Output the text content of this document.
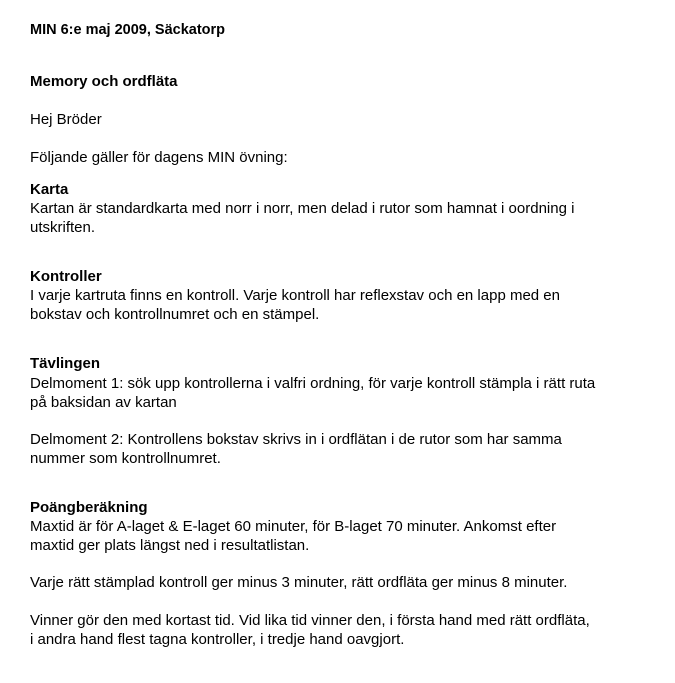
MIN 6:e maj 2009, Säckatorp
Memory och ordfläta
Hej Bröder
Följande gäller för dagens MIN övning:
Karta
Kartan är standardkarta med norr i norr, men delad i rutor som hamnat i oordning i
utskriften.
Kontroller
I varje kartruta finns en kontroll. Varje kontroll har reflexstav och en lapp med en
bokstav och kontrollnumret och en stämpel.
Tävlingen
Delmoment 1: sök upp kontrollerna i valfri ordning, för varje kontroll stämpla i rätt ruta
på baksidan av kartan
Delmoment 2: Kontrollens bokstav skrivs in i ordflätan i de rutor som har samma
nummer som kontrollnumret.
Poängberäkning
Maxtid är för A-laget & E-laget 60 minuter, för B-laget 70 minuter. Ankomst efter
maxtid ger plats längst ned i resultatlistan.
Varje rätt stämplad kontroll ger minus 3 minuter, rätt ordfläta ger minus 8 minuter.
Vinner gör den med kortast tid. Vid lika tid vinner den, i första hand med rätt ordfläta,
i andra hand flest tagna kontroller, i tredje hand oavgjort.
